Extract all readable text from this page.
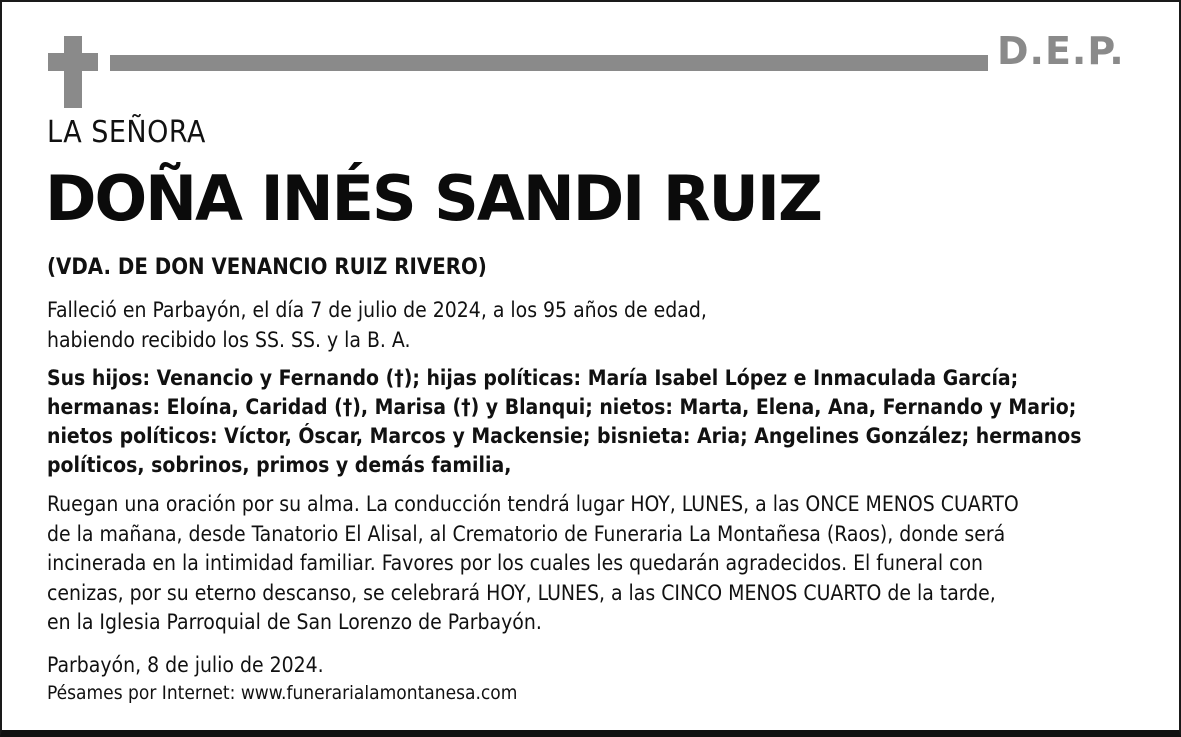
D.E.P.
LA SEÑORA
DOÑA INÉS SANDI RUIZ
(VDA. DE DON VENANCIO RUIZ RIVERO)
Falleció en Parbayón, el día 7 de julio de 2024, a los 95 años de edad,
habiendo recibido los SS. SS. y la B. A.
Sus hijos: Venancio y Fernando (†); hijas políticas: María Isabel López e Inmaculada García;
hermanas: Eloína, Caridad (†), Marisa (†) y Blanqui; nietos: Marta, Elena, Ana, Fernando y Mario;
nietos políticos: Víctor, Óscar, Marcos y Mackensie; bisnieta: Aria; Angelines González; hermanos
políticos, sobrinos, primos y demás familia,
Ruegan una oración por su alma. La conducción tendrá lugar HOY, LUNES, a las ONCE MENOS CUARTO
de la mañana, desde Tanatorio El Alisal, al Crematorio de Funeraria La Montañesa (Raos), donde será
incinerada en la intimidad familiar. Favores por los cuales les quedarán agradecidos. El funeral con
cenizas, por su eterno descanso, se celebrará HOY, LUNES, a las CINCO MENOS CUARTO de la tarde,
en la Iglesia Parroquial de San Lorenzo de Parbayón.
Parbayón, 8 de julio de 2024.
Pésames por Internet: www.funerarialamontanesa.com
